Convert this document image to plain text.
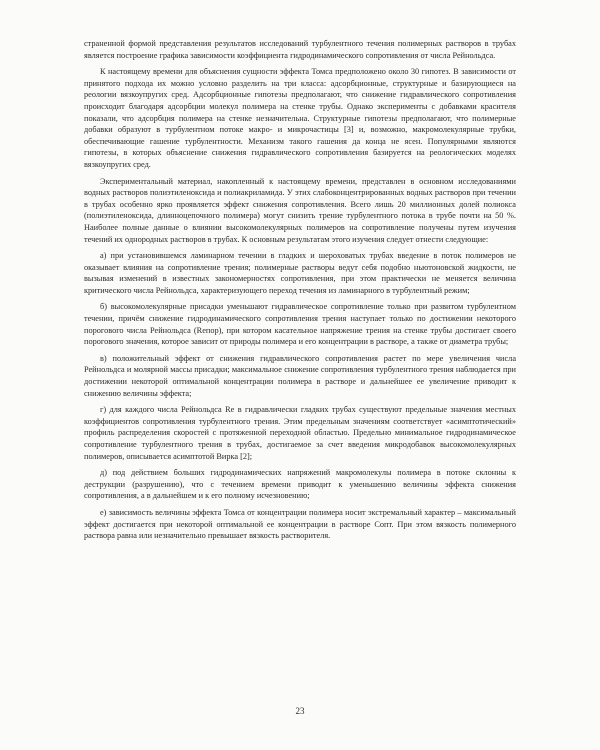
страненной формой представления результатов исследований турбулентного течения полимерных растворов в трубах является построение графика зависимости коэффициента гидродинамического сопротивления от числа Рейнольдса.

К настоящему времени для объяснения сущности эффекта Томса предположено около 30 гипотез. В зависимости от принятого подхода их можно условно разделить на три класса: адсорбционные, структурные и базирующиеся на реологии вязкоупругих сред. Адсорбционные гипотезы предполагают, что снижение гидравлического сопротивления происходит благодаря адсорбции молекул полимера на стенке трубы. Однако эксперименты с добавками красителя показали, что адсорбция полимера на стенке незначительна. Структурные гипотезы предполагают, что полимерные добавки образуют в турбулентном потоке макро- и микрочастицы [3] и, возможно, макромолекулярные трубки, обеспечивающие гашение турбулентности. Механизм такого гашения да конца не ясен. Популярными являются гипотезы, в которых объяснение снижения гидравлического сопротивления базируется на реологических моделях вязкоупругих сред.

Экспериментальный материал, накопленный к настоящему времени, представлен в основном исследованиями водных растворов полиэтиленоксида и полиакриламида. У этих слабоконцентрированных водных растворов при течении в трубах особенно ярко проявляется эффект снижения сопротивления. Всего лишь 20 миллионных долей полиокса (полиэтиленоксида, длинноцепочного полимера) могут снизить трение турбулентного потока в трубе почти на 50 %. Наиболее полные данные о влиянии высокомолекулярных полимеров на сопротивление получены путем изучения течений их однородных растворов в трубах. К основным результатам этого изучения следует отнести следующие:

а) при установившемся ламинарном течении в гладких и шероховатых трубах введение в поток полимеров не оказывает влияния на сопротивление трения; полимерные растворы ведут себя подобно ньютоновской жидкости, не вызывая изменений в известных закономерностях сопротивления, при этом практически не меняется величина критического числа Рейнольдса, характеризующего переход течения из ламинарного в турбулентный режим;

б) высокомолекулярные присадки уменьшают гидравлическое сопротивление только при развитом турбулентном течении, причём снижение гидродинамического сопротивления трения наступает только по достижении некоторого порогового числа Рейнольдса (Reпор), при котором касательное напряжение трения на стенке трубы достигает своего порогового значения, которое зависит от природы полимера и его концентрации в растворе, а также от диаметра трубы;

в) положительный эффект от снижения гидравлического сопротивления растет по мере увеличения числа Рейнольдса и молярной массы присадки; максимальное снижение сопротивления турбулентного трения наблюдается при достижении некоторой оптимальной концентрации полимера в растворе и дальнейшее ее увеличение приводит к снижению величины эффекта;

г) для каждого числа Рейнольдса Re в гидравлически гладких трубах существуют предельные значения местных коэффициентов сопротивления турбулентного трения. Этим предельным значениям соответствует «асимптотический» профиль распределения скоростей с протяженной переходной областью. Предельно минимальное гидродинамическое сопротивление турбулентного трения в трубах, достигаемое за счет введения микродобавок высокомолекулярных полимеров, описывается асимптотой Вирка [2];

д) под действием больших гидродинамических напряжений макромолекулы полимера в потоке склонны к деструкции (разрушению), что с течением времени приводит к уменьшению величины эффекта снижения сопротивления, а в дальнейшем и к его полному исчезновению;

е) зависимость величины эффекта Томса от концентрации полимера носит экстремальный характер – максимальный эффект достигается при некоторой оптимальной ее концентрации в растворе Cопт. При этом вязкость полимерного раствора равна или незначительно превышает вязкость растворителя.

23
